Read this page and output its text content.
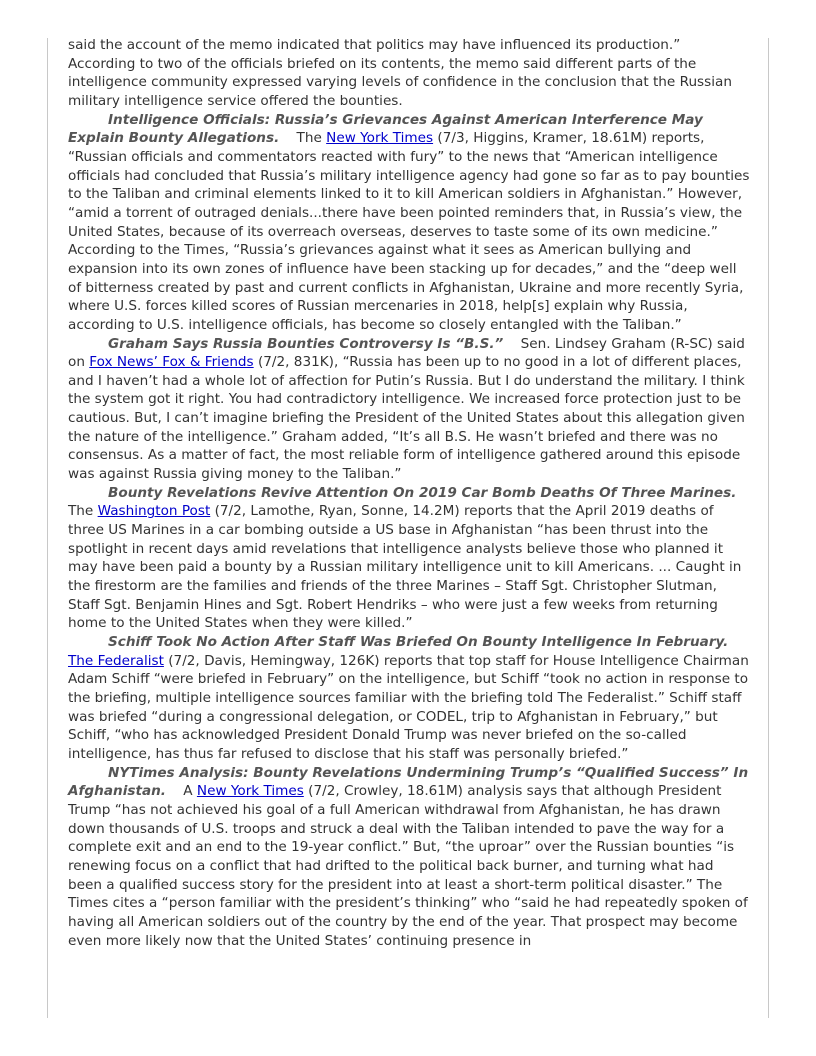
said the account of the memo indicated that politics may have influenced its production.” According to two of the officials briefed on its contents, the memo said different parts of the intelligence community expressed varying levels of confidence in the conclusion that the Russian military intelligence service offered the bounties.

Intelligence Officials: Russia’s Grievances Against American Interference May Explain Bounty Allegations. The New York Times (7/3, Higgins, Kramer, 18.61M) reports, “Russian officials and commentators reacted with fury” to the news that “American intelligence officials had concluded that Russia’s military intelligence agency had gone so far as to pay bounties to the Taliban and criminal elements linked to it to kill American soldiers in Afghanistan.” However, “amid a torrent of outraged denials...there have been pointed reminders that, in Russia’s view, the United States, because of its overreach overseas, deserves to taste some of its own medicine.” According to the Times, “Russia’s grievances against what it sees as American bullying and expansion into its own zones of influence have been stacking up for decades,” and the “deep well of bitterness created by past and current conflicts in Afghanistan, Ukraine and more recently Syria, where U.S. forces killed scores of Russian mercenaries in 2018, help[s] explain why Russia, according to U.S. intelligence officials, has become so closely entangled with the Taliban.”

Graham Says Russia Bounties Controversy Is “B.S.” Sen. Lindsey Graham (R-SC) said on Fox News’ Fox & Friends (7/2, 831K), “Russia has been up to no good in a lot of different places, and I haven’t had a whole lot of affection for Putin’s Russia. But I do understand the military. I think the system got it right. You had contradictory intelligence. We increased force protection just to be cautious. But, I can’t imagine briefing the President of the United States about this allegation given the nature of the intelligence.” Graham added, “It’s all B.S. He wasn’t briefed and there was no consensus. As a matter of fact, the most reliable form of intelligence gathered around this episode was against Russia giving money to the Taliban.”

Bounty Revelations Revive Attention On 2019 Car Bomb Deaths Of Three Marines.    The Washington Post (7/2, Lamothe, Ryan, Sonne, 14.2M) reports that the April 2019 deaths of three US Marines in a car bombing outside a US base in Afghanistan “has been thrust into the spotlight in recent days amid revelations that intelligence analysts believe those who planned it may have been paid a bounty by a Russian military intelligence unit to kill Americans. ... Caught in the firestorm are the families and friends of the three Marines – Staff Sgt. Christopher Slutman, Staff Sgt. Benjamin Hines and Sgt. Robert Hendriks – who were just a few weeks from returning home to the United States when they were killed.”

Schiff Took No Action After Staff Was Briefed On Bounty Intelligence In February.    The Federalist (7/2, Davis, Hemingway, 126K) reports that top staff for House Intelligence Chairman Adam Schiff “were briefed in February” on the intelligence, but Schiff “took no action in response to the briefing, multiple intelligence sources familiar with the briefing told The Federalist.” Schiff staff was briefed “during a congressional delegation, or CODEL, trip to Afghanistan in February,” but Schiff, “who has acknowledged President Donald Trump was never briefed on the so-called intelligence, has thus far refused to disclose that his staff was personally briefed.”

NYTimes Analysis: Bounty Revelations Undermining Trump’s “Qualified Success” In Afghanistan. A New York Times (7/2, Crowley, 18.61M) analysis says that although President Trump “has not achieved his goal of a full American withdrawal from Afghanistan, he has drawn down thousands of U.S. troops and struck a deal with the Taliban intended to pave the way for a complete exit and an end to the 19-year conflict.” But, “the uproar” over the Russian bounties “is renewing focus on a conflict that had drifted to the political back burner, and turning what had been a qualified success story for the president into at least a short-term political disaster.” The Times cites a “person familiar with the president’s thinking” who “said he had repeatedly spoken of having all American soldiers out of the country by the end of the year. That prospect may become even more likely now that the United States’ continuing presence in
